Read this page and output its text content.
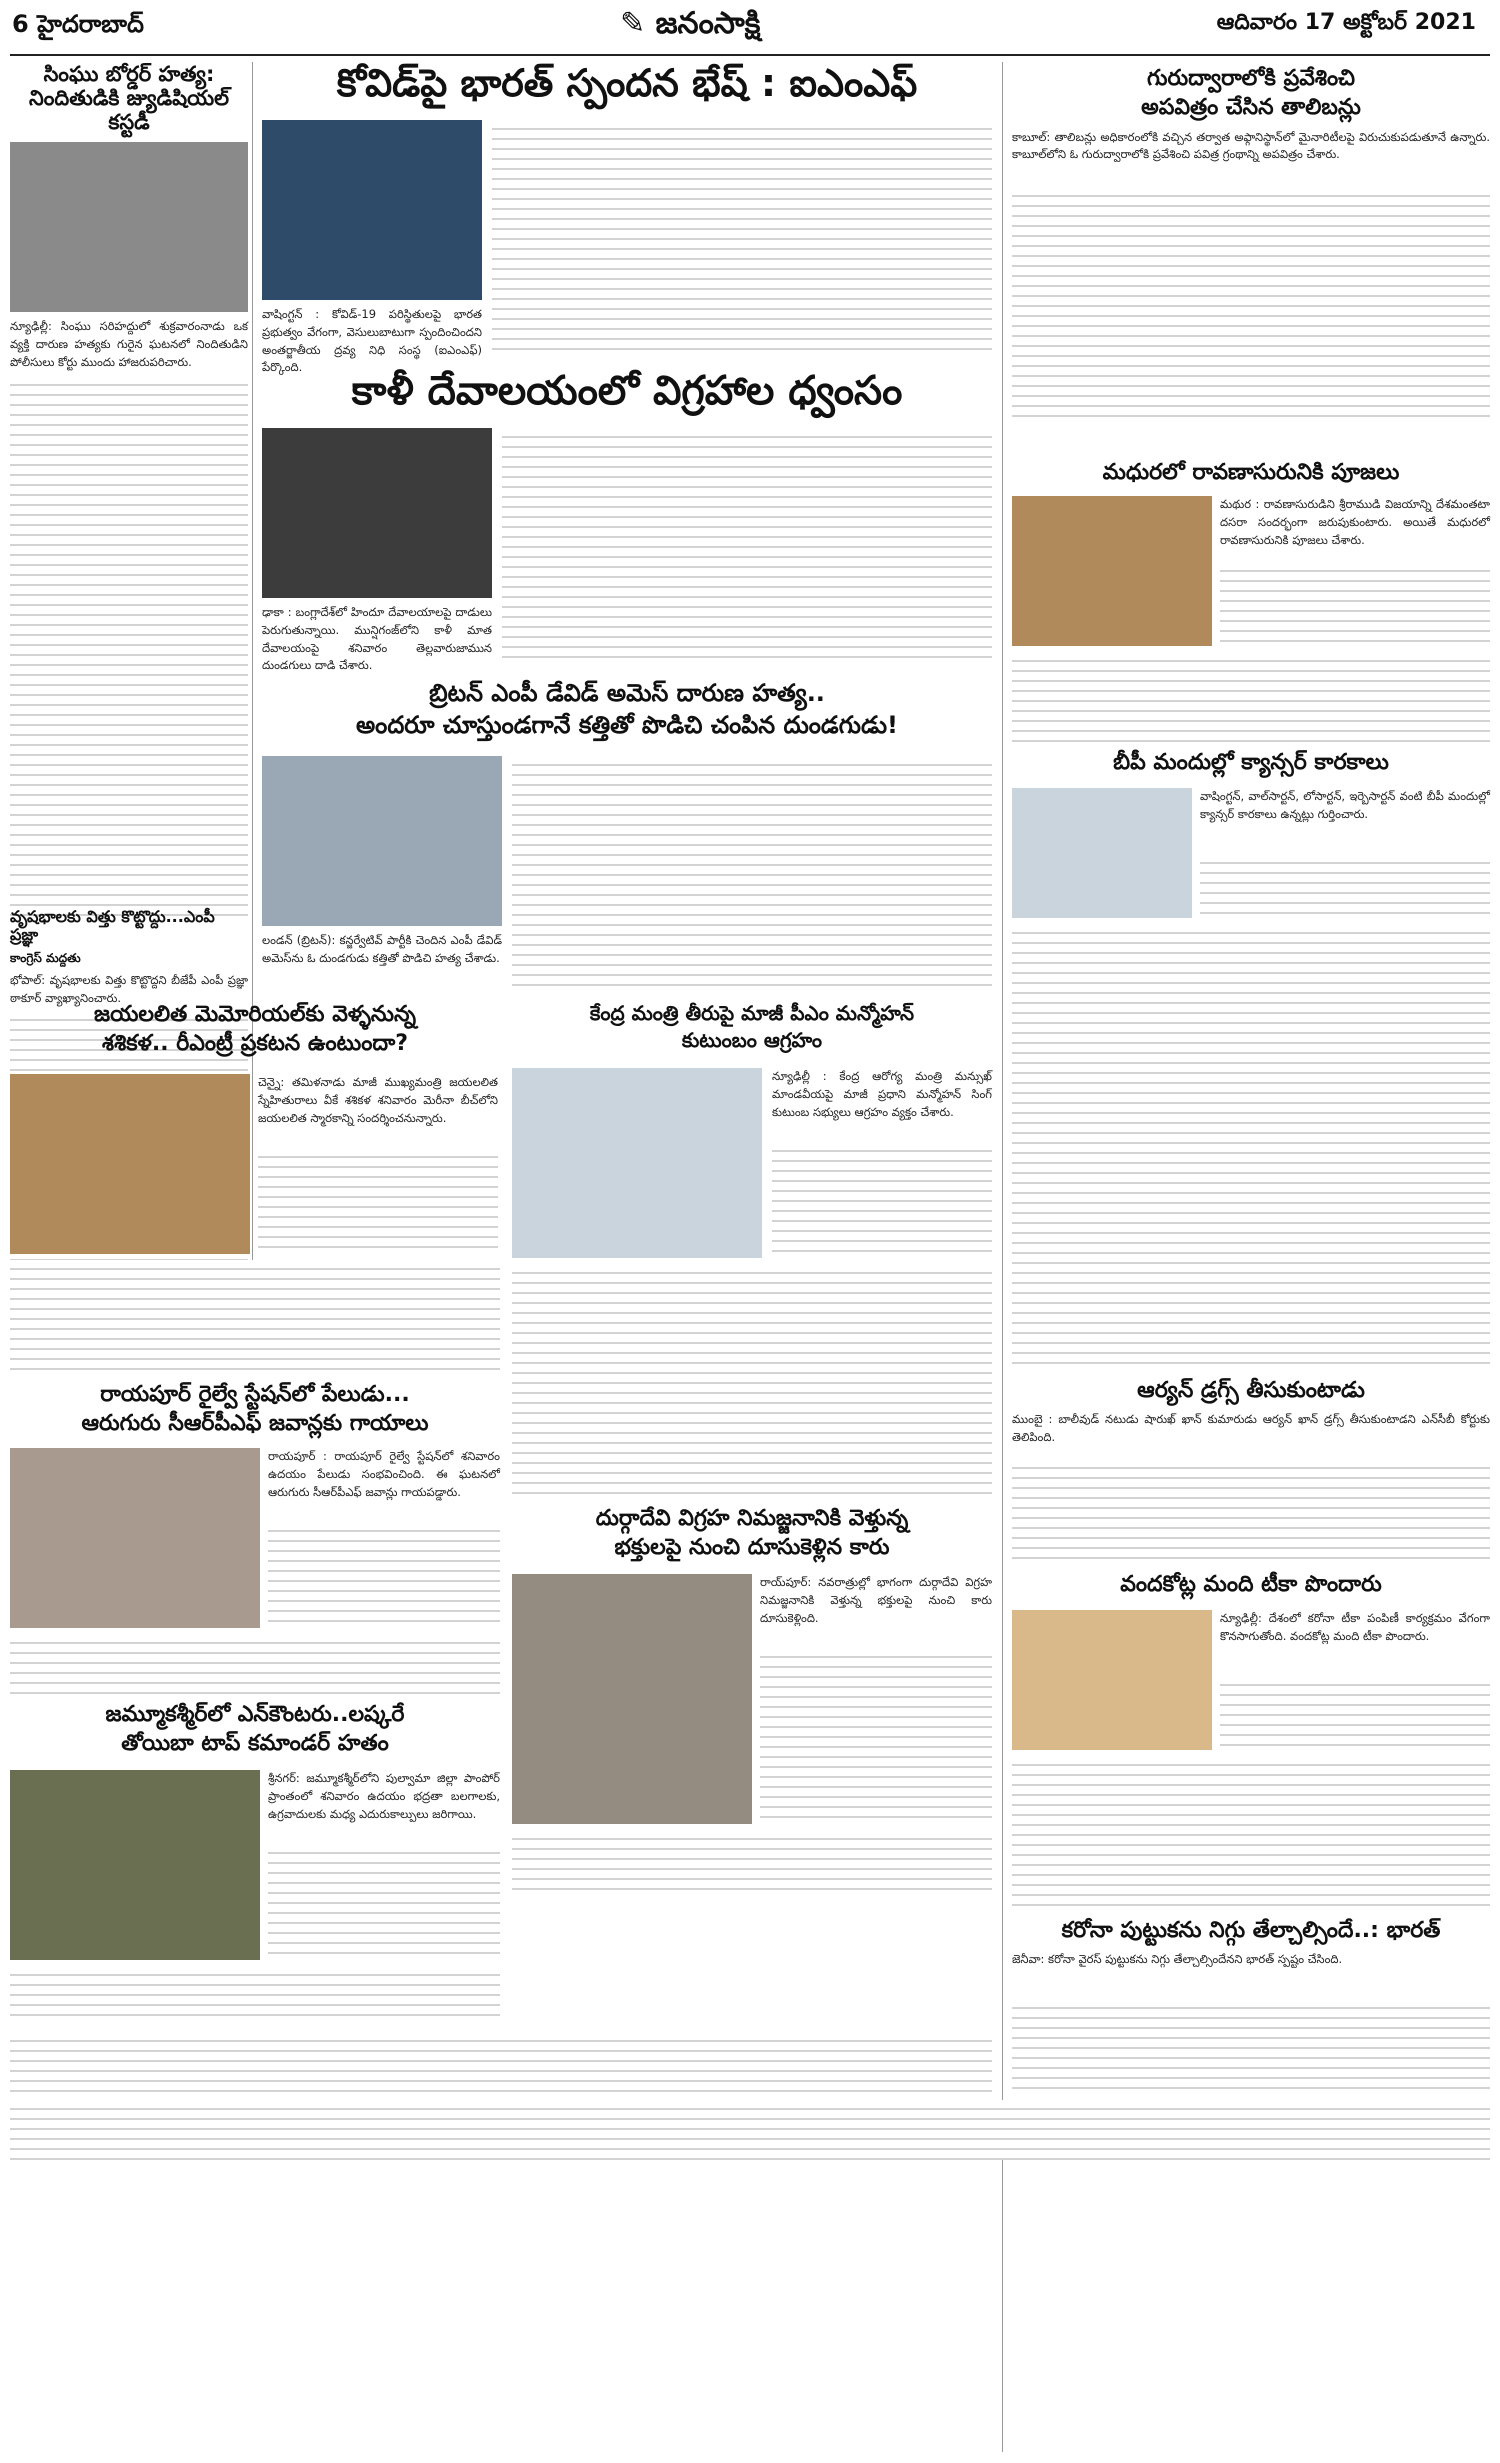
6 హైదరాబాద్	✎ జనంసాక్షి	ఆదివారం 17 అక్టోబర్ 2021
సింఘు బోర్డర్ హత్య:
నిందితుడికి జ్యుడిషియల్ కస్టడీ
న్యూఢిల్లీ: సింఘు సరిహద్దులో శుక్రవారంనాడు ఒక వ్యక్తి దారుణ హత్యకు గురైన ఘటనలో నిందితుడిని పోలీసులు కోర్టు ముందు హాజరుపరిచారు.
వృషభాలకు విత్తు కొట్టొద్దు...ఎంపీ ప్రజ్ఞా
కాంగ్రెస్ మద్దతు
భోపాల్‌: వృషభాలకు విత్తు కొట్టొద్దని బీజేపీ ఎంపీ ప్రజ్ఞా ఠాకూర్‌ వ్యాఖ్యానించారు.
కోవిడ్‌పై భారత్‌ స్పందన భేష్‌ : ఐఎంఎఫ్‌
వాషింగ్టన్‌ : కోవిడ్‌-19 పరిస్థితులపై భారత ప్రభుత్వం వేగంగా, వెసులుబాటుగా స్పందించిందని అంతర్జాతీయ ద్రవ్య నిధి సంస్థ (ఐఎంఎఫ్‌) పేర్కొంది.
కాళీ దేవాలయంలో విగ్రహాల ధ్వంసం
ఢాకా : బంగ్లాదేశ్‌లో హిందూ దేవాలయాలపై దాడులు పెరుగుతున్నాయి. మున్షిగంజ్‌లోని కాళీ మాత దేవాలయంపై శనివారం తెల్లవారుజామున దుండగులు దాడి చేశారు.
బ్రిటన్‌ ఎంపీ డేవిడ్‌ అమెస్‌ దారుణ హత్య..
అందరూ చూస్తుండగానే కత్తితో పొడిచి చంపిన దుండగుడు!
లండన్‌ (బ్రిటన్‌): కన్జర్వేటివ్‌ పార్టీకి చెందిన ఎంపీ డేవిడ్‌ అమెస్‌ను ఓ దుండగుడు కత్తితో పొడిచి హత్య చేశాడు.
జయలలిత మెమోరియల్‌కు వెళ్ళనున్న
శశికళ.. రీఎంట్రీ ప్రకటన ఉంటుందా?
చెన్నై: తమిళనాడు మాజీ ముఖ్యమంత్రి జయలలిత స్నేహితురాలు వీకే శశికళ శనివారం మెరీనా బీచ్‌లోని జయలలిత స్మారకాన్ని సందర్శించనున్నారు.
కేంద్ర మంత్రి తీరుపై మాజీ పీఎం మన్మోహన్‌
కుటుంబం ఆగ్రహం
న్యూఢిల్లీ : కేంద్ర ఆరోగ్య మంత్రి మన్సుఖ్‌ మాండవీయపై మాజీ ప్రధాని మన్మోహన్‌ సింగ్‌ కుటుంబ సభ్యులు ఆగ్రహం వ్యక్తం చేశారు.
రాయపూర్‌ రైల్వే స్టేషన్‌లో పేలుడు...
ఆరుగురు సీఆర్‌పీఎఫ్‌ జవాన్లకు గాయాలు
రాయపూర్‌ : రాయపూర్‌ రైల్వే స్టేషన్‌లో శనివారం ఉదయం పేలుడు సంభవించింది. ఈ ఘటనలో ఆరుగురు సీఆర్‌పీఎఫ్‌ జవాన్లు గాయపడ్డారు.
దుర్గాదేవి విగ్రహ నిమజ్జనానికి వెళ్తున్న
భక్తులపై నుంచి దూసుకెళ్లిన కారు
రాయ్‌పూర్‌: నవరాత్రుల్లో భాగంగా దుర్గాదేవి విగ్రహ నిమజ్జనానికి వెళ్తున్న భక్తులపై నుంచి కారు దూసుకెళ్లింది.
జమ్మూకశ్మీర్‌లో ఎన్‌కౌంటరు..లష్కరే
తోయిబా టాప్‌ కమాండర్‌ హతం
శ్రీనగర్‌: జమ్మూకశ్మీర్‌లోని పుల్వామా జిల్లా పాంపోర్‌ ప్రాంతంలో శనివారం ఉదయం భద్రతా బలగాలకు, ఉగ్రవాదులకు మధ్య ఎదురుకాల్పులు జరిగాయి.
గురుద్వారాలోకి ప్రవేశించి
అపవిత్రం చేసిన తాలిబన్లు
కాబూల్‌: తాలిబన్లు అధికారంలోకి వచ్చిన తర్వాత అఫ్గానిస్థాన్‌లో మైనారిటీలపై విరుచుకుపడుతూనే ఉన్నారు. కాబూల్‌లోని ఓ గురుద్వారాలోకి ప్రవేశించి పవిత్ర గ్రంథాన్ని అపవిత్రం చేశారు.
మధురలో రావణాసురునికి పూజలు
మథుర : రావణాసురుడిని శ్రీరాముడి విజయాన్ని దేశమంతటా దసరా సందర్భంగా జరుపుకుంటారు. అయితే మధురలో రావణాసురునికి పూజలు చేశారు.
బీపీ మందుల్లో క్యాన్సర్‌ కారకాలు
వాషింగ్టన్‌, వాల్‌సార్టన్‌, లోసార్టన్‌, ఇర్బెసార్టన్‌ వంటి బీపీ మందుల్లో క్యాన్సర్‌ కారకాలు ఉన్నట్లు గుర్తించారు.
ఆర్యన్‌ డ్రగ్స్‌ తీసుకుంటాడు
ముంబై : బాలీవుడ్‌ నటుడు షారుఖ్‌ ఖాన్‌ కుమారుడు ఆర్యన్‌ ఖాన్‌ డ్రగ్స్‌ తీసుకుంటాడని ఎన్‌సీబీ కోర్టుకు తెలిపింది.
వందకోట్ల మంది టీకా పొందారు
న్యూఢిల్లీ: దేశంలో కరోనా టీకా పంపిణీ కార్యక్రమం వేగంగా కొనసాగుతోంది. వందకోట్ల మంది టీకా పొందారు.
కరోనా పుట్టుకను నిగ్గు తేల్చాల్సిందే..: భారత్‌
జెనీవా: కరోనా వైరస్‌ పుట్టుకను నిగ్గు తేల్చాల్సిందేనని భారత్‌ స్పష్టం చేసింది.
